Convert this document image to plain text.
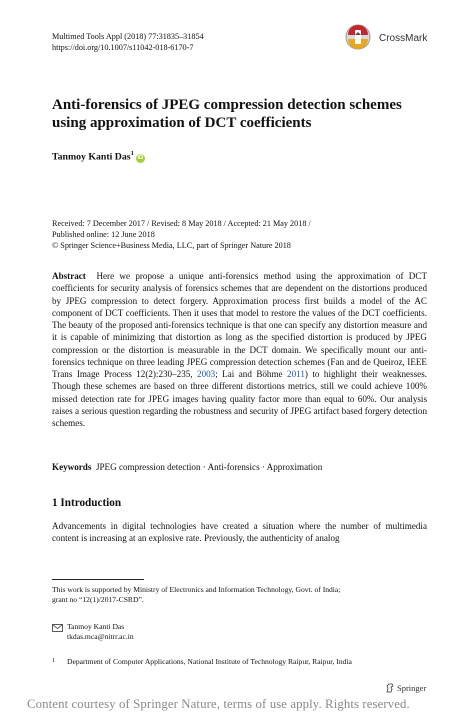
Multimed Tools Appl (2018) 77:31835–31854
https://doi.org/10.1007/s11042-018-6170-7
CrossMark
Anti-forensics of JPEG compression detection schemes
using approximation of DCT coefficients
Tanmoy Kanti Das$^1$iD
Received: 7 December 2017 / Revised: 8 May 2018 / Accepted: 21 May 2018 /
Published online: 12 June 2018
© Springer Science+Business Media, LLC, part of Springer Nature 2018
Abstract Here we propose a unique anti-forensics method using the approximation of DCT coefficients for security analysis of forensics schemes that are dependent on the distortions produced by JPEG compression to detect forgery. Approximation process first builds a model of the AC component of DCT coefficients. Then it uses that model to restore the values of the DCT coefficients. The beauty of the proposed anti-forensics technique is that one can specify any distortion measure and it is capable of minimizing that distortion as long as the specified distortion is produced by JPEG compression or the distortion is measurable in the DCT domain. We specifically mount our anti-forensics technique on three leading JPEG compression detection schemes (Fan and de Queiroz, IEEE Trans Image Process 12(2):230–235, 2003; Lai and Böhme 2011) to highlight their weaknesses. Though these schemes are based on three different distortions metrics, still we could achieve 100% missed detection rate for JPEG images having quality factor more than equal to 60%. Our analysis raises a serious question regarding the robustness and security of JPEG artifact based forgery detection schemes.
Keywords JPEG compression detection · Anti-forensics · Approximation
1 Introduction
Advancements in digital technologies have created a situation where the number of multimedia content is increasing at an explosive rate. Previously, the authenticity of analog
This work is supported by Ministry of Electronics and Information Technology, Govt. of India;
grant no “12(1)/2017-CSRD”.
Tanmoy Kanti Das
tkdas.mca@nitrr.ac.in
1 Department of Computer Applications, National Institute of Technology Raipur, Raipur, India
Springer
Content courtesy of Springer Nature, terms of use apply. Rights reserved.
